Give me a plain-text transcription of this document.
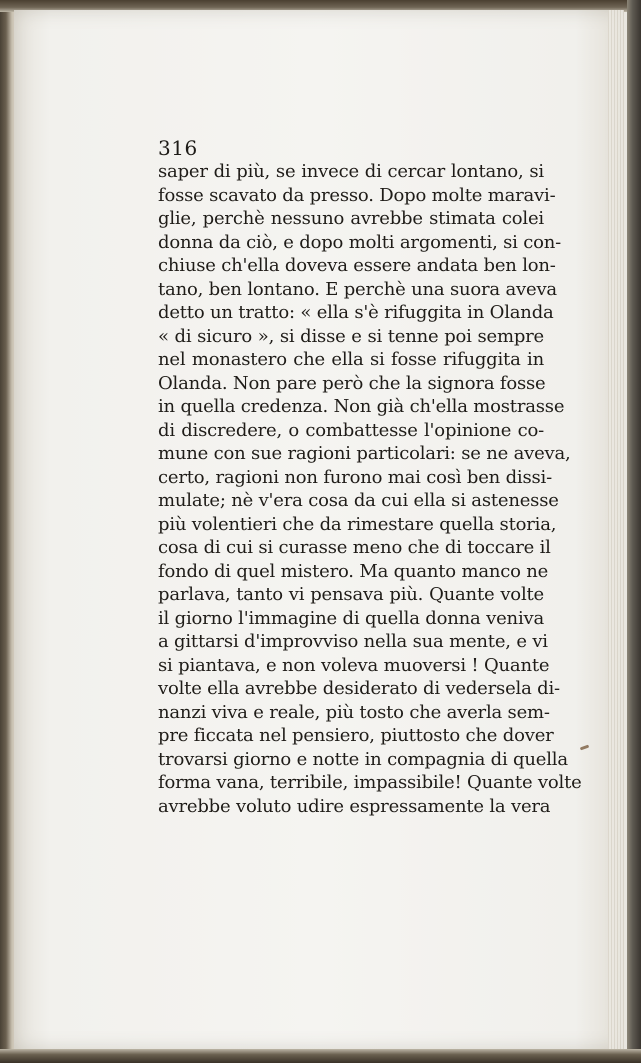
316
saper di più, se invece di cercar lontano, si
fosse scavato da presso. Dopo molte maravi-
glie, perchè nessuno avrebbe stimata colei
donna da ciò, e dopo molti argomenti, si con-
chiuse ch'ella doveva essere andata ben lon-
tano, ben lontano. E perchè una suora aveva
detto un tratto: « ella s'è rifuggita in Olanda
« di sicuro », si disse e si tenne poi sempre
nel monastero che ella si fosse rifuggita in
Olanda. Non pare però che la signora fosse
in quella credenza. Non già ch'ella mostrasse
di discredere, o combattesse l'opinione co-
mune con sue ragioni particolari: se ne aveva,
certo, ragioni non furono mai così ben dissi-
mulate; nè v'era cosa da cui ella si astenesse
più volentieri che da rimestare quella storia,
cosa di cui si curasse meno che di toccare il
fondo di quel mistero. Ma quanto manco ne
parlava, tanto vi pensava più. Quante volte
il giorno l'immagine di quella donna veniva
a gittarsi d'improvviso nella sua mente, e vi
si piantava, e non voleva muoversi ! Quante
volte ella avrebbe desiderato di vedersela di-
nanzi viva e reale, più tosto che averla sem-
pre ficcata nel pensiero, piuttosto che dover
trovarsi giorno e notte in compagnia di quella
forma vana, terribile, impassibile! Quante volte
avrebbe voluto udire espressamente la vera
